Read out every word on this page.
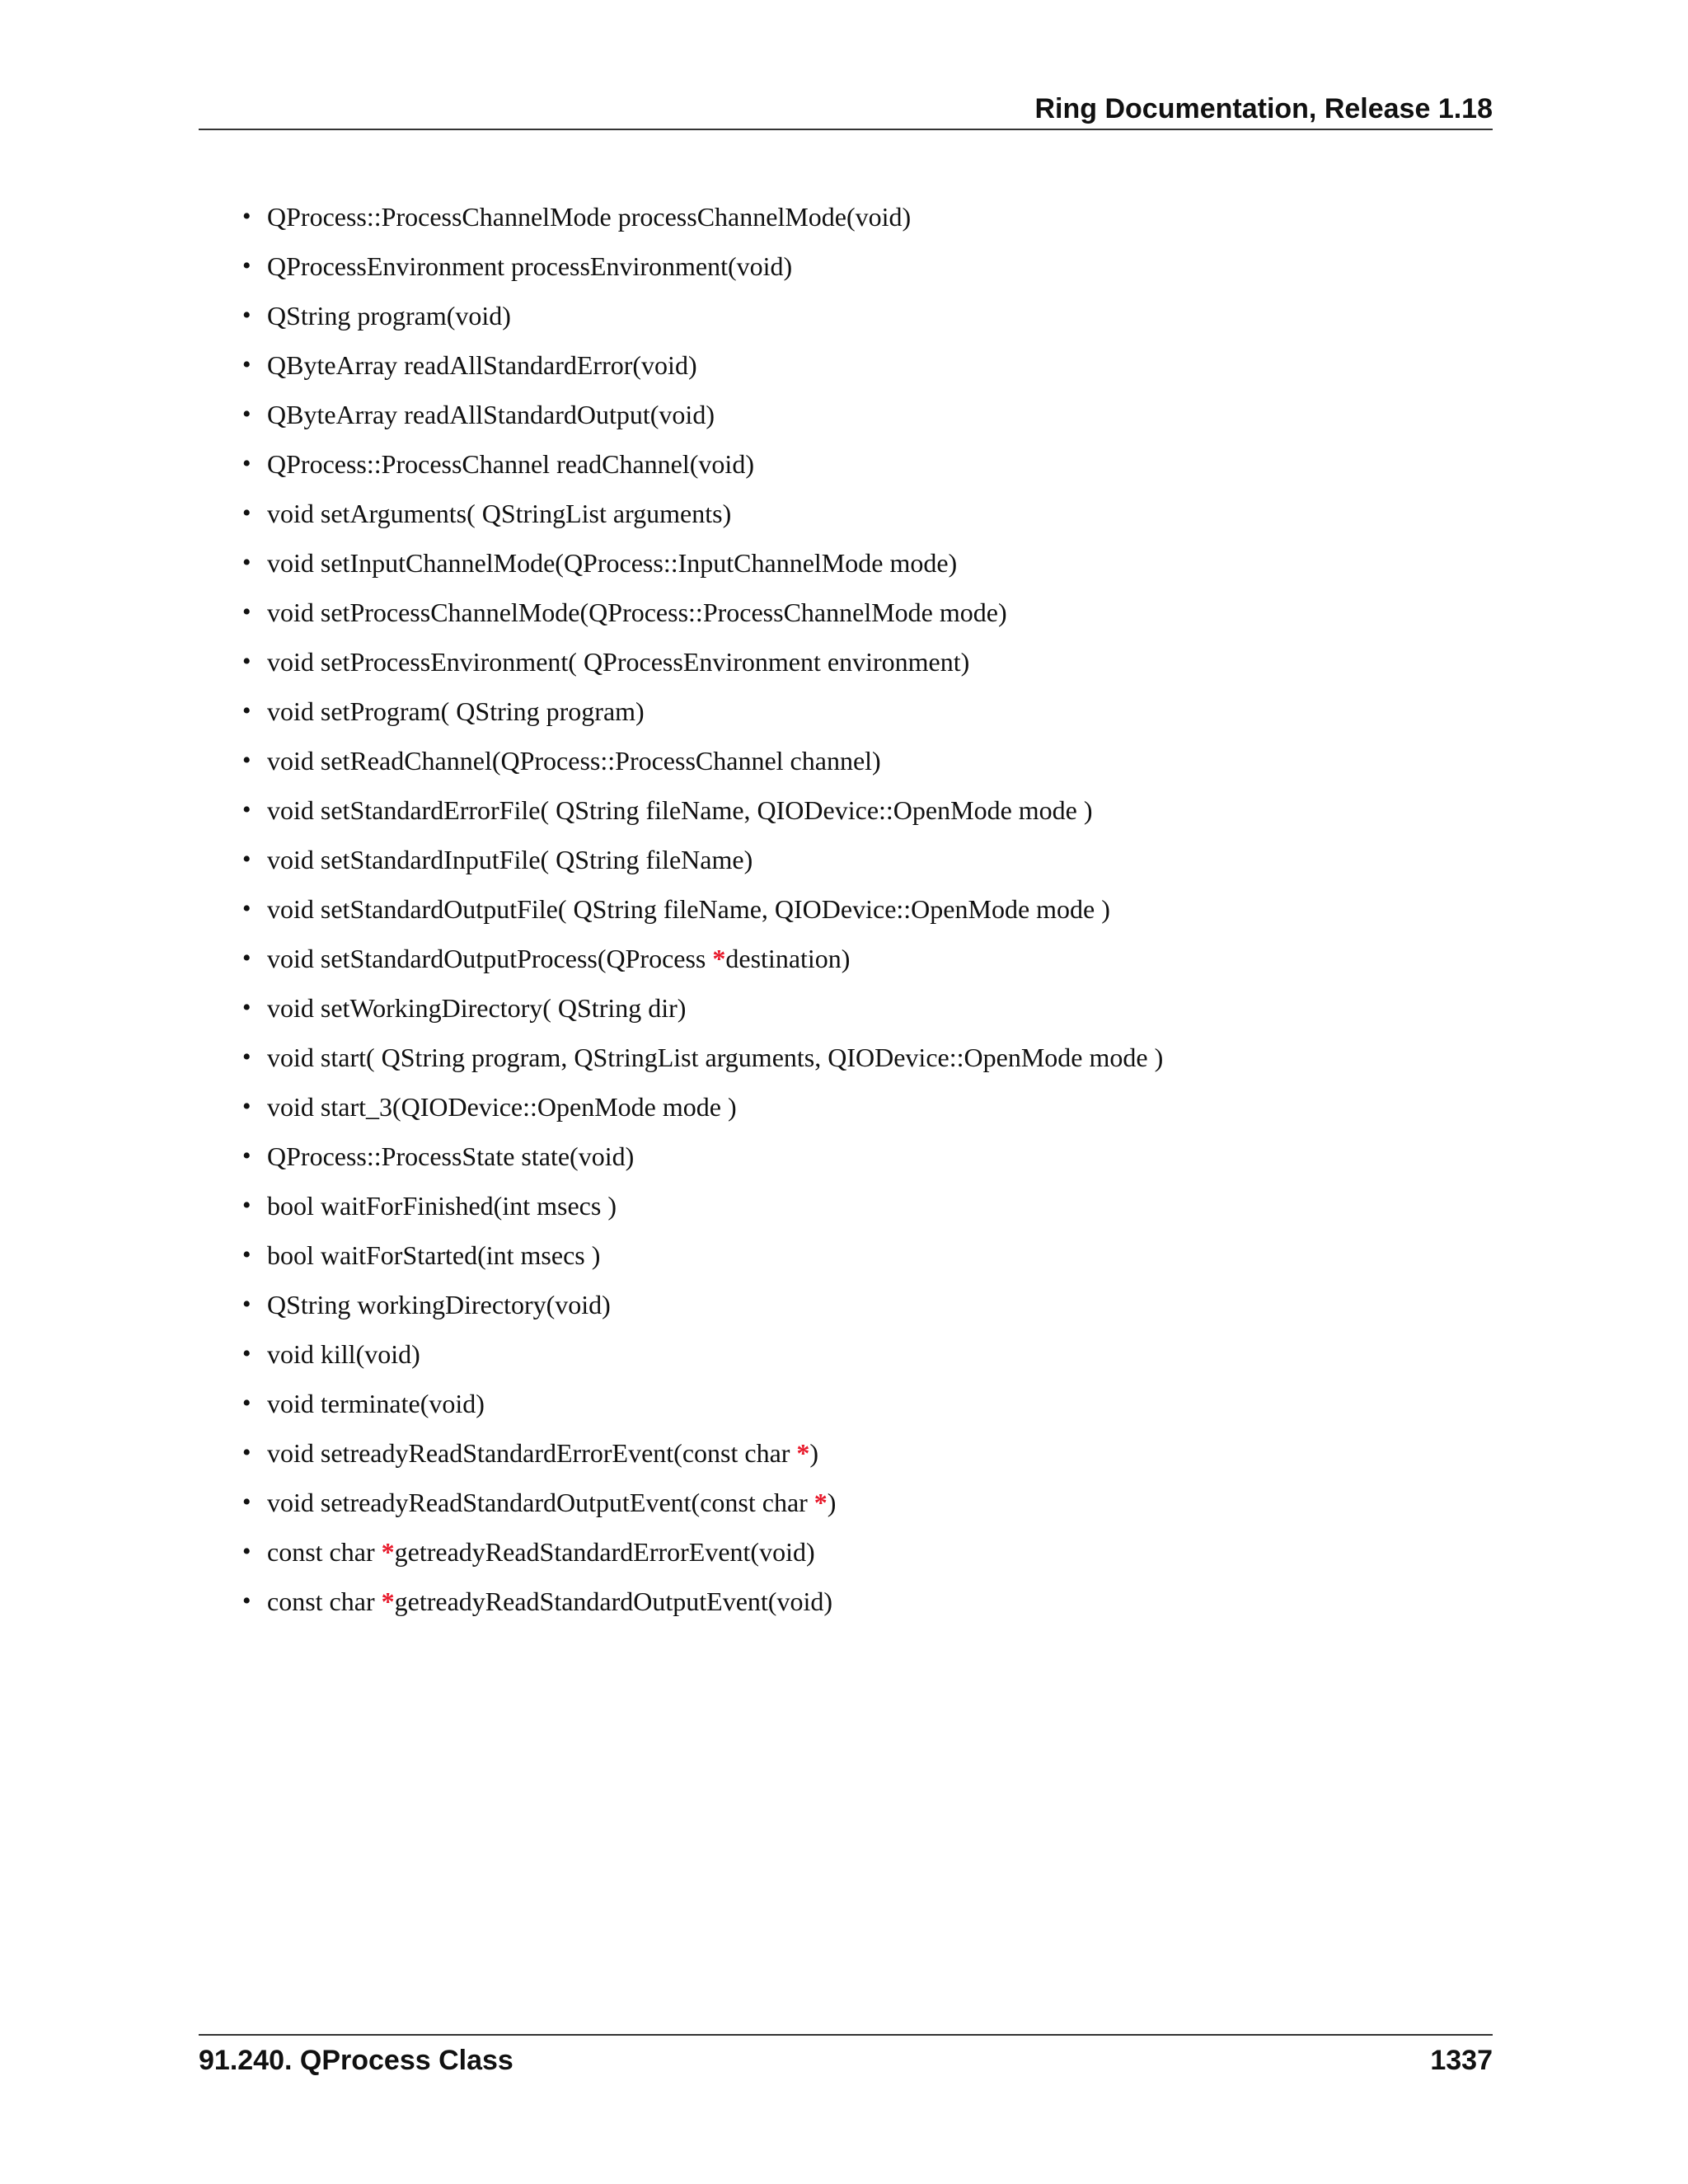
Ring Documentation, Release 1.18
• QProcess::ProcessChannelMode processChannelMode(void)
• QProcessEnvironment processEnvironment(void)
• QString program(void)
• QByteArray readAllStandardError(void)
• QByteArray readAllStandardOutput(void)
• QProcess::ProcessChannel readChannel(void)
• void setArguments( QStringList arguments)
• void setInputChannelMode(QProcess::InputChannelMode mode)
• void setProcessChannelMode(QProcess::ProcessChannelMode mode)
• void setProcessEnvironment( QProcessEnvironment environment)
• void setProgram( QString program)
• void setReadChannel(QProcess::ProcessChannel channel)
• void setStandardErrorFile( QString fileName, QIODevice::OpenMode mode )
• void setStandardInputFile( QString fileName)
• void setStandardOutputFile( QString fileName, QIODevice::OpenMode mode )
• void setStandardOutputProcess(QProcess *destination)
• void setWorkingDirectory( QString dir)
• void start( QString program, QStringList arguments, QIODevice::OpenMode mode )
• void start_3(QIODevice::OpenMode mode )
• QProcess::ProcessState state(void)
• bool waitForFinished(int msecs )
• bool waitForStarted(int msecs )
• QString workingDirectory(void)
• void kill(void)
• void terminate(void)
• void setreadyReadStandardErrorEvent(const char *)
• void setreadyReadStandardOutputEvent(const char *)
• const char *getreadyReadStandardErrorEvent(void)
• const char *getreadyReadStandardOutputEvent(void)
91.240. QProcess Class	1337
